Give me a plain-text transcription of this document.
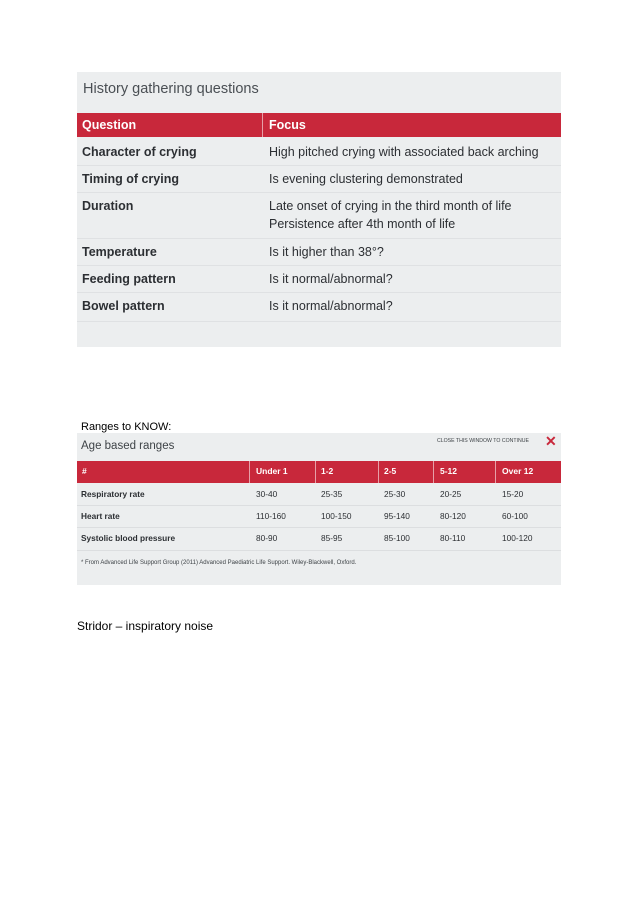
History gathering questions
Question	Focus
Character of crying	High pitched crying with associated back arching
Timing of crying	Is evening clustering demonstrated
Duration	Late onset of crying in the third month of life
Persistence after 4th month of life
Temperature	Is it higher than 38°?
Feeding pattern	Is it normal/abnormal?
Bowel pattern	Is it normal/abnormal?
Ranges to KNOW:
Age based ranges	CLOSE THIS WINDOW TO CONTINUE ✕
#	Under 1	1-2	2-5	5-12	Over 12
Respiratory rate	30-40	25-35	25-30	20-25	15-20
Heart rate	110-160	100-150	95-140	80-120	60-100
Systolic blood pressure	80-90	85-95	85-100	80-110	100-120
* From Advanced Life Support Group (2011) Advanced Paediatric Life Support. Wiley-Blackwell, Oxford.
Stridor – inspiratory noise
